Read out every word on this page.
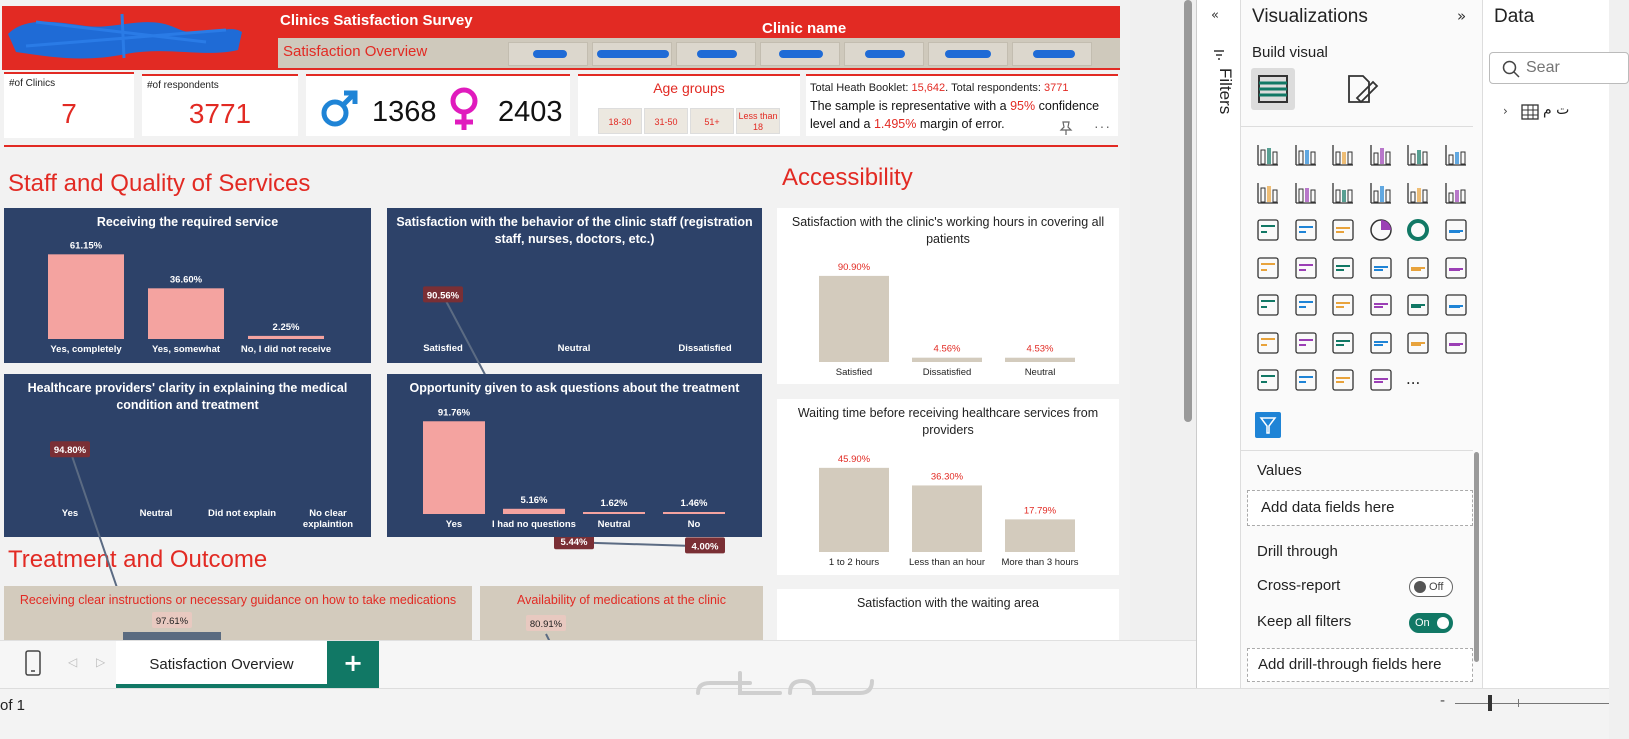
Clinics Satisfaction Survey	Clinic name
Satisfaction Overview
#of Clinics
7
#of respondents
3771	1368 2403
Age groups
18-30	31-50	51+
Less than 18
Total Heath Booklet: 15,642. Total respondents: 3771
The sample is representative with a 95% confidence
level and a 1.495% margin of error.	···
Staff and Quality of Services	Accessibility
Treatment and Outcome
Receiving the required service
61.15%
Yes, completely
36.60%
Yes, somewhat
2.25%
No, I did not receive
Satisfaction with the behavior of the clinic staff (registration staff, nurses, doctors, etc.)
90.56%
Satisfied
5.44%
Neutral
4.00%
Dissatisfied
Healthcare providers' clarity in explaining the medical condition and treatment
94.80%
Yes	Neutral	Did not explain	No clear
explaintion
Opportunity given to ask questions about the treatment
91.76%
Yes
5.16%
I had no questions
1.62%
Neutral
1.46%
No
Satisfaction with the clinic's working hours in covering all patients
90.90%
Satisfied
4.56%
Dissatisfied
4.53%
Neutral
Waiting time before receiving healthcare services from providers
45.90%
1 to 2 hours
36.30%
Less than an hour
17.79%
More than 3 hours
Satisfaction with the waiting area
Receiving clear instructions or necessary guidance on how to take medications
97.61%
Availability of medications at the clinic
80.91%
◁ ▷	Satisfaction Overview	+
of 1	-
«
Filters
Visualizations	»
Build visual
...
Values
Add data fields here
Drill through
Cross-report	Off
Keep all filters	On
Add drill-through fields here
Data
Sear
›	ت م
